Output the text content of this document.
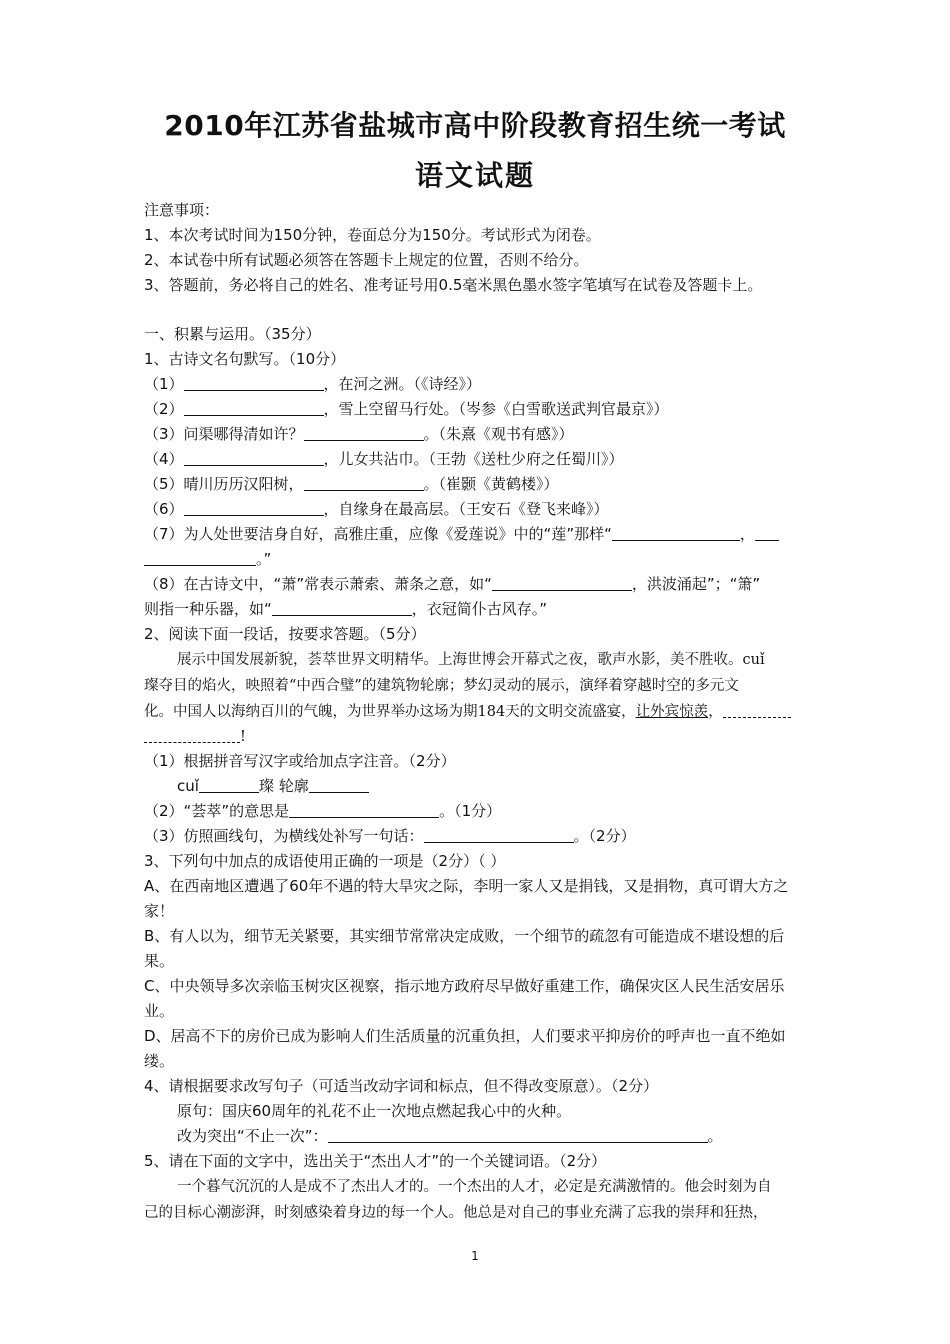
2010年江苏省盐城市高中阶段教育招生统一考试
语文试题
注意事项：
1、本次考试时间为150分钟，卷面总分为150分。考试形式为闭卷。
2、本试卷中所有试题必须答在答题卡上规定的位置，否则不给分。
3、答题前，务必将自己的姓名、准考证号用0.5毫米黑色墨水签字笔填写在试卷及答题卡上。
一、积累与运用。（35分）
1、古诗文名句默写。（10分）
（1）	，在河之洲。（《诗经》）
（2）	，雪上空留马行处。（岑参《白雪歌送武判官最京》）
（3）问渠哪得清如许？	。（朱熹《观书有感》）
（4）	，儿女共沾巾。（王勃《送杜少府之任蜀川》）
（5）晴川历历汉阳树，	。（崔颢《黄鹤楼》）
（6）	，自缘身在最高层。（王安石《登飞来峰》）
（7）为人处世要洁身自好，高雅庄重，应像《爱莲说》中的“莲”那样“	，
。”
（8）在古诗文中，“萧”常表示萧索、萧条之意，如“	，洪波涌起”；“箫”
则指一种乐器，如“	，衣冠简仆古风存。”
2、阅读下面一段话，按要求答题。（5分）
展示中国发展新貌，荟萃世界文明精华。上海世博会开幕式之夜，歌声水影，美不胜收。cuǐ
璨夺目的焰火，映照着“中西合璧”的建筑物轮廓；梦幻灵动的展示，演绎着穿越时空的多元文
化。中国人以海纳百川的气魄，为世界举办这场为期184天的文明交流盛宴，让外宾惊羡，
!
（1）根据拼音写汉字或给加点字注音。（2分）
cuǐ	璨 轮廓
（2）“荟萃”的意思是	。（1分）
（3）仿照画线句，为横线处补写一句话：	。（2分）
3、下列句中加点的成语使用正确的一项是（2分）（ ）
A、在西南地区遭遇了60年不遇的特大旱灾之际，李明一家人又是捐钱，又是捐物，真可谓大方之
家！
B、有人以为，细节无关紧要，其实细节常常决定成败，一个细节的疏忽有可能造成不堪设想的后
果。
C、中央领导多次亲临玉树灾区视察，指示地方政府尽早做好重建工作，确保灾区人民生活安居乐
业。
D、居高不下的房价已成为影响人们生活质量的沉重负担，人们要求平抑房价的呼声也一直不绝如
缕。
4、请根据要求改写句子（可适当改动字词和标点，但不得改变原意）。（2分）
原句：国庆60周年的礼花不止一次地点燃起我心中的火种。
改为突出“不止一次”：	。
5、请在下面的文字中，选出关于“杰出人才”的一个关键词语。（2分）
一个暮气沉沉的人是成不了杰出人才的。一个杰出的人才，必定是充满激情的。他会时刻为自
己的目标心潮澎湃，时刻感染着身边的每一个人。他总是对自己的事业充满了忘我的崇拜和狂热，
1
